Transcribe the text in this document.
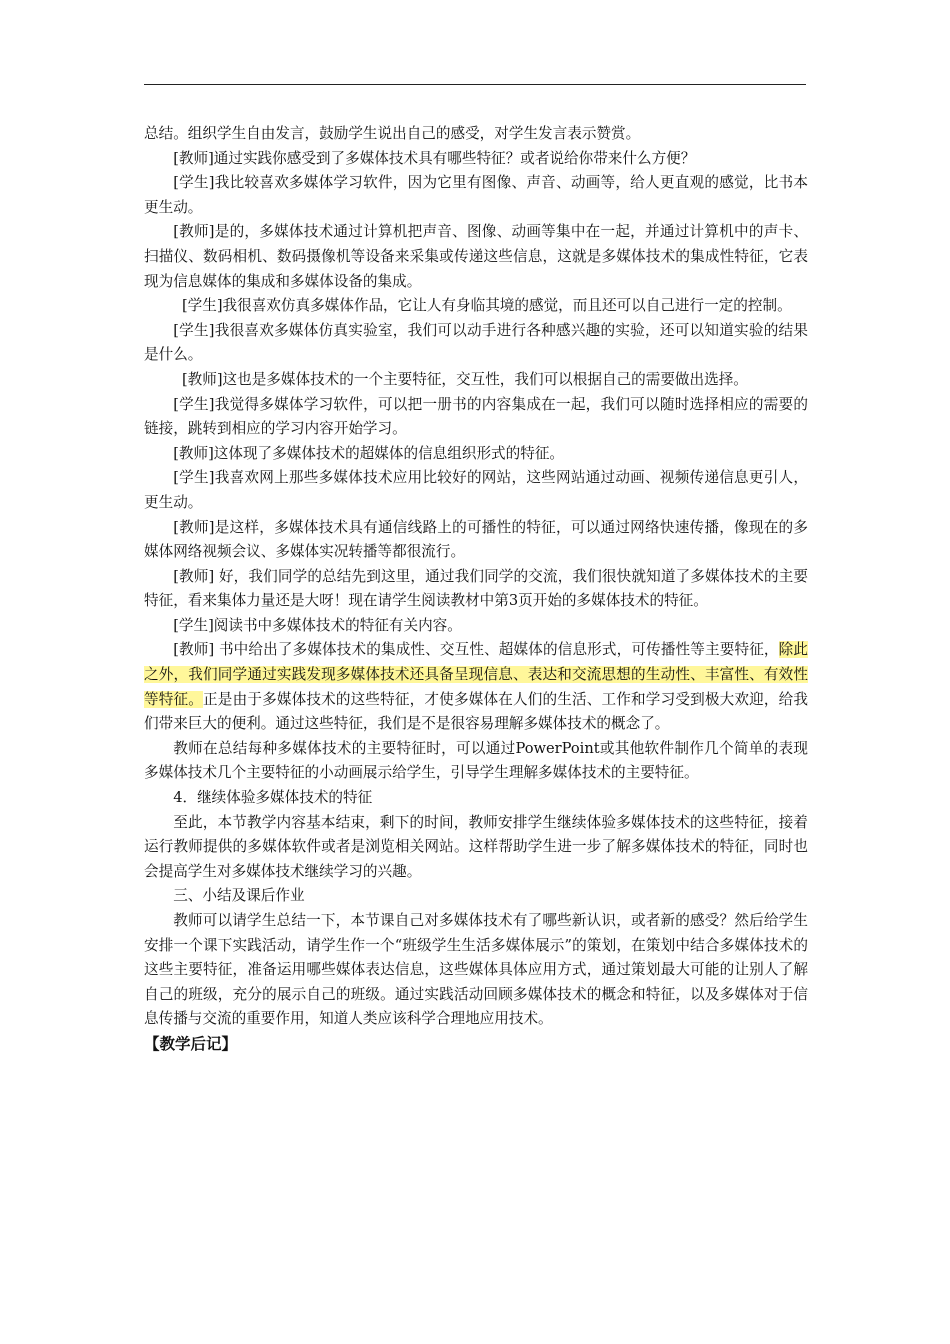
总结。组织学生自由发言，鼓励学生说出自己的感受，对学生发言表示赞赏。

[教师]通过实践你感受到了多媒体技术具有哪些特征？或者说给你带来什么方便？

[学生]我比较喜欢多媒体学习软件，因为它里有图像、声音、动画等，给人更直观的感觉，比书本更生动。

[教师]是的，多媒体技术通过计算机把声音、图像、动画等集中在一起，并通过计算机中的声卡、扫描仪、数码相机、数码摄像机等设备来采集或传递这些信息，这就是多媒体技术的集成性特征，它表现为信息媒体的集成和多媒体设备的集成。

[学生]我很喜欢仿真多媒体作品，它让人有身临其境的感觉，而且还可以自己进行一定的控制。

[学生]我很喜欢多媒体仿真实验室，我们可以动手进行各种感兴趣的实验，还可以知道实验的结果是什么。

[教师]这也是多媒体技术的一个主要特征，交互性，我们可以根据自己的需要做出选择。

[学生]我觉得多媒体学习软件，可以把一册书的内容集成在一起，我们可以随时选择相应的需要的链接，跳转到相应的学习内容开始学习。

[教师]这体现了多媒体技术的超媒体的信息组织形式的特征。

[学生]我喜欢网上那些多媒体技术应用比较好的网站，这些网站通过动画、视频传递信息更引人，更生动。

[教师]是这样，多媒体技术具有通信线路上的可播性的特征，可以通过网络快速传播，像现在的多媒体网络视频会议、多媒体实况转播等都很流行。

[教师] 好，我们同学的总结先到这里，通过我们同学的交流，我们很快就知道了多媒体技术的主要特征，看来集体力量还是大呀！现在请学生阅读教材中第3页开始的多媒体技术的特征。

[学生]阅读书中多媒体技术的特征有关内容。

[教师] 书中给出了多媒体技术的集成性、交互性、超媒体的信息形式，可传播性等主要特征，除此之外，我们同学通过实践发现多媒体技术还具备呈现信息、表达和交流思想的生动性、丰富性、有效性等特征。正是由于多媒体技术的这些特征，才使多媒体在人们的生活、工作和学习受到极大欢迎，给我们带来巨大的便利。通过这些特征，我们是不是很容易理解多媒体技术的概念了。

教师在总结每种多媒体技术的主要特征时，可以通过PowerPoint或其他软件制作几个简单的表现多媒体技术几个主要特征的小动画展示给学生，引导学生理解多媒体技术的主要特征。

4．继续体验多媒体技术的特征

至此，本节教学内容基本结束，剩下的时间，教师安排学生继续体验多媒体技术的这些特征，接着运行教师提供的多媒体软件或者是浏览相关网站。这样帮助学生进一步了解多媒体技术的特征，同时也会提高学生对多媒体技术继续学习的兴趣。

三、小结及课后作业

教师可以请学生总结一下，本节课自己对多媒体技术有了哪些新认识，或者新的感受？然后给学生安排一个课下实践活动，请学生作一个“班级学生生活多媒体展示”的策划，在策划中结合多媒体技术的这些主要特征，准备运用哪些媒体表达信息，这些媒体具体应用方式，通过策划最大可能的让别人了解自己的班级，充分的展示自己的班级。通过实践活动回顾多媒体技术的概念和特征，以及多媒体对于信息传播与交流的重要作用，知道人类应该科学合理地应用技术。

【教学后记】
